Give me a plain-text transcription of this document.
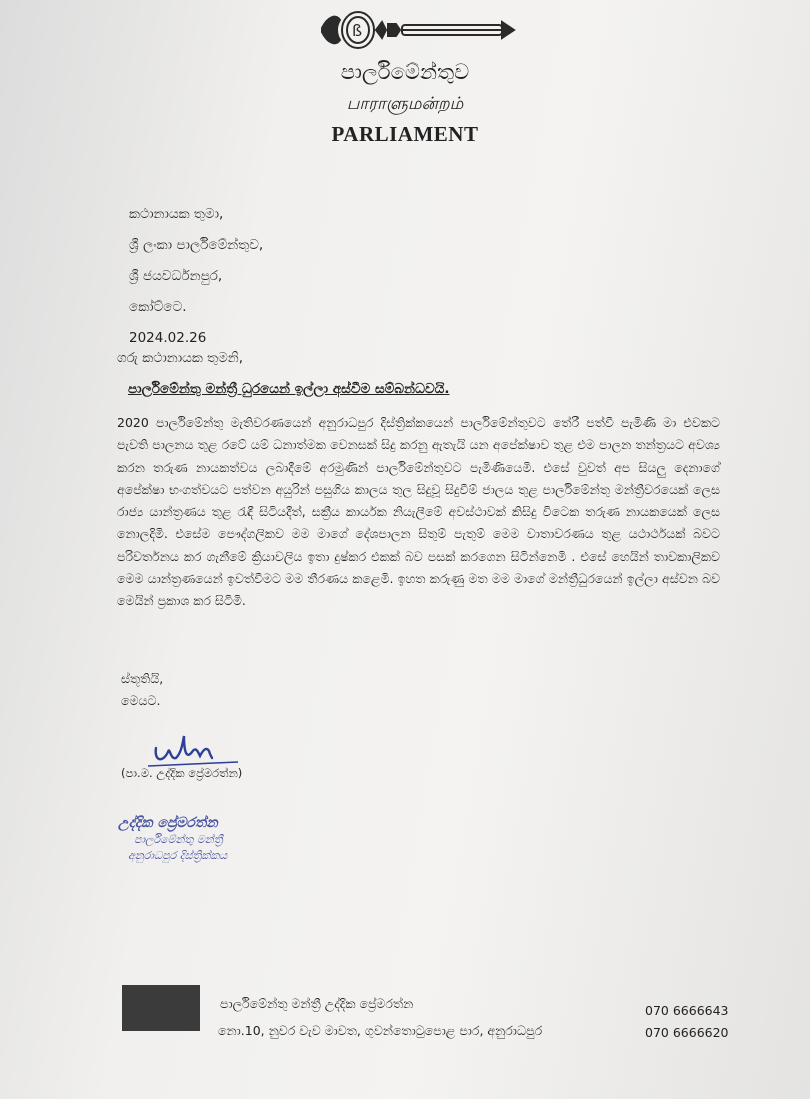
ß
පාර්ලිමේන්තුව
பாராளுமன்றம்
PARLIAMENT
කථානායක තුමා,
ශ්‍රී ලංකා පාර්ලිමේන්තුව,
ශ්‍රී ජයවර්ධනපුර,
කෝට්ටෙ.
2024.02.26
ගරු කථානායක තුමනි,
පාර්ලිමේන්තු මන්ත්‍රී ධුරයෙන් ඉල්ලා අස්වීම සම්බන්ධවයි.
2020 පාර්ලිමේන්තු මැතිවරණයෙන් අනුරාධපුර දිස්ත්‍රික්කයෙන් පාර්ලිමේන්තුවට තේරී පත්වී පැමිණි මා එවකට පැවති පාලනය තුළ රටේ යම් ධනාත්මක වෙනසක් සිදු කරනු ඇතැයි යන අපේක්ෂාව තුළ එම පාලන තන්ත්‍රයට අවශ්‍ය කරන තරුණ නායකත්වය ලබාදීමේ අරමුණින් පාර්ලිමේන්තුවට පැමිණියෙමි. එසේ වුවත් අප සියලු දෙනාගේ අපේක්ෂා භංගත්වයට පත්වන අයුරින් පසුගිය කාලය තුල සිදුවූ සිදුවීම් ජාලය තුළ පාර්ලිමේන්තු මන්ත්‍රීවරයෙක් ලෙස රාජ්‍ය යාන්ත්‍රණය තුළ රැඳී සිටියදීත්, සක්‍රීය කාර්යක නියැලීමේ අවස්ථාවක් කිසිදු විටෙක තරුණ නායකයෙක් ලෙස නොලදිමි. එසේම පෞද්ගලිකව මම මාගේ දේශපාලන සිතුම් පැතුම් මෙම වාතාවරණය තුළ යථාර්ථයක් බවට පරිවර්තනය කර ගැනීමේ ක්‍රියාවලිය ඉතා දුෂ්කර එකක් බව පසක් කරගෙන සිටින්නෙමි . එසේ හෙයින් තාවකාලිකව මෙම යාන්ත්‍රණයෙන් ඉවත්වීමට මම තීරණය කළෙමි. ඉහත කරුණු මත මම මාගේ මන්ත්‍රීධුරයෙන් ඉල්ලා අස්වන බව මෙයින් ප්‍රකාශ කර සිටිමි.
ස්තූතියි,
මෙයට.
(පා.ම. උද්දික ප්‍රේමරත්න)
උද්දික ප්‍රේමරත්න
පාර්ලිමේන්තු මන්ත්‍රී
අනුරාධපුර දිස්ත්‍රික්කය
පාර්ලිමේන්තු මන්ත්‍රී උද්දික ප්‍රේමරත්න
නො.10, නුවර වැව මාවත, ගුවන්තොටුපොළ පාර, අනුරාධපුර
070 6666643
070 6666620
